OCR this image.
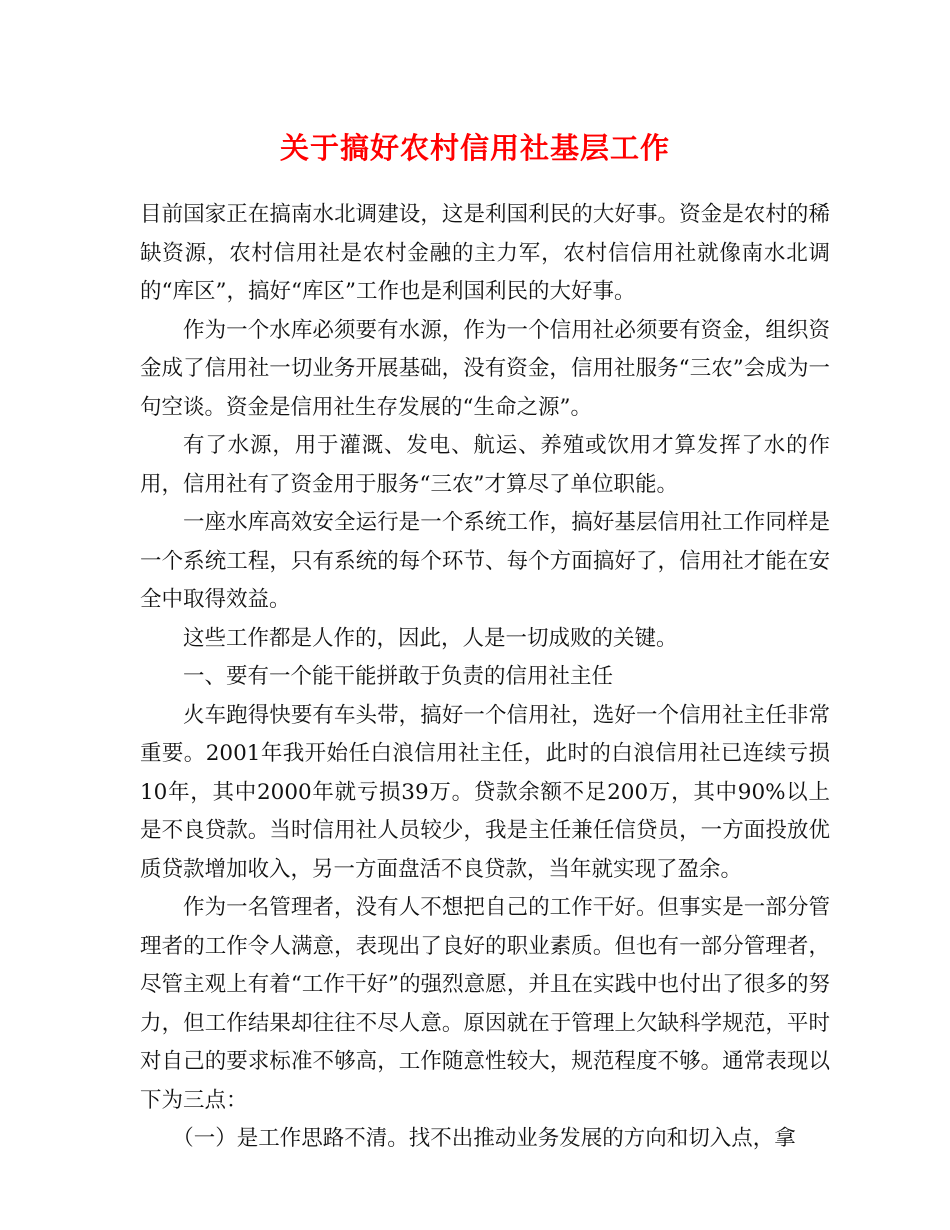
关于搞好农村信用社基层工作

目前国家正在搞南水北调建设，这是利国利民的大好事。资金是农村的稀缺资源，农村信用社是农村金融的主力军，农村信信用社就像南水北调的“库区”，搞好“库区”工作也是利国利民的大好事。

作为一个水库必须要有水源，作为一个信用社必须要有资金，组织资金成了信用社一切业务开展基础，没有资金，信用社服务“三农”会成为一句空谈。资金是信用社生存发展的“生命之源”。

有了水源，用于灌溉、发电、航运、养殖或饮用才算发挥了水的作用，信用社有了资金用于服务“三农”才算尽了单位职能。

一座水库高效安全运行是一个系统工作，搞好基层信用社工作同样是一个系统工程，只有系统的每个环节、每个方面搞好了，信用社才能在安全中取得效益。

这些工作都是人作的，因此，人是一切成败的关键。

一、要有一个能干能拼敢于负责的信用社主任

火车跑得快要有车头带，搞好一个信用社，选好一个信用社主任非常重要。2001年我开始任白浪信用社主任，此时的白浪信用社已连续亏损10年，其中2000年就亏损39万。贷款余额不足200万，其中90%以上是不良贷款。当时信用社人员较少，我是主任兼任信贷员，一方面投放优质贷款增加收入，另一方面盘活不良贷款，当年就实现了盈余。

作为一名管理者，没有人不想把自己的工作干好。但事实是一部分管理者的工作令人满意，表现出了良好的职业素质。但也有一部分管理者，尽管主观上有着“工作干好”的强烈意愿，并且在实践中也付出了很多的努力，但工作结果却往往不尽人意。原因就在于管理上欠缺科学规范，平时对自己的要求标准不够高，工作随意性较大，规范程度不够。通常表现以下为三点：

（一）是工作思路不清。找不出推动业务发展的方向和切入点，拿
